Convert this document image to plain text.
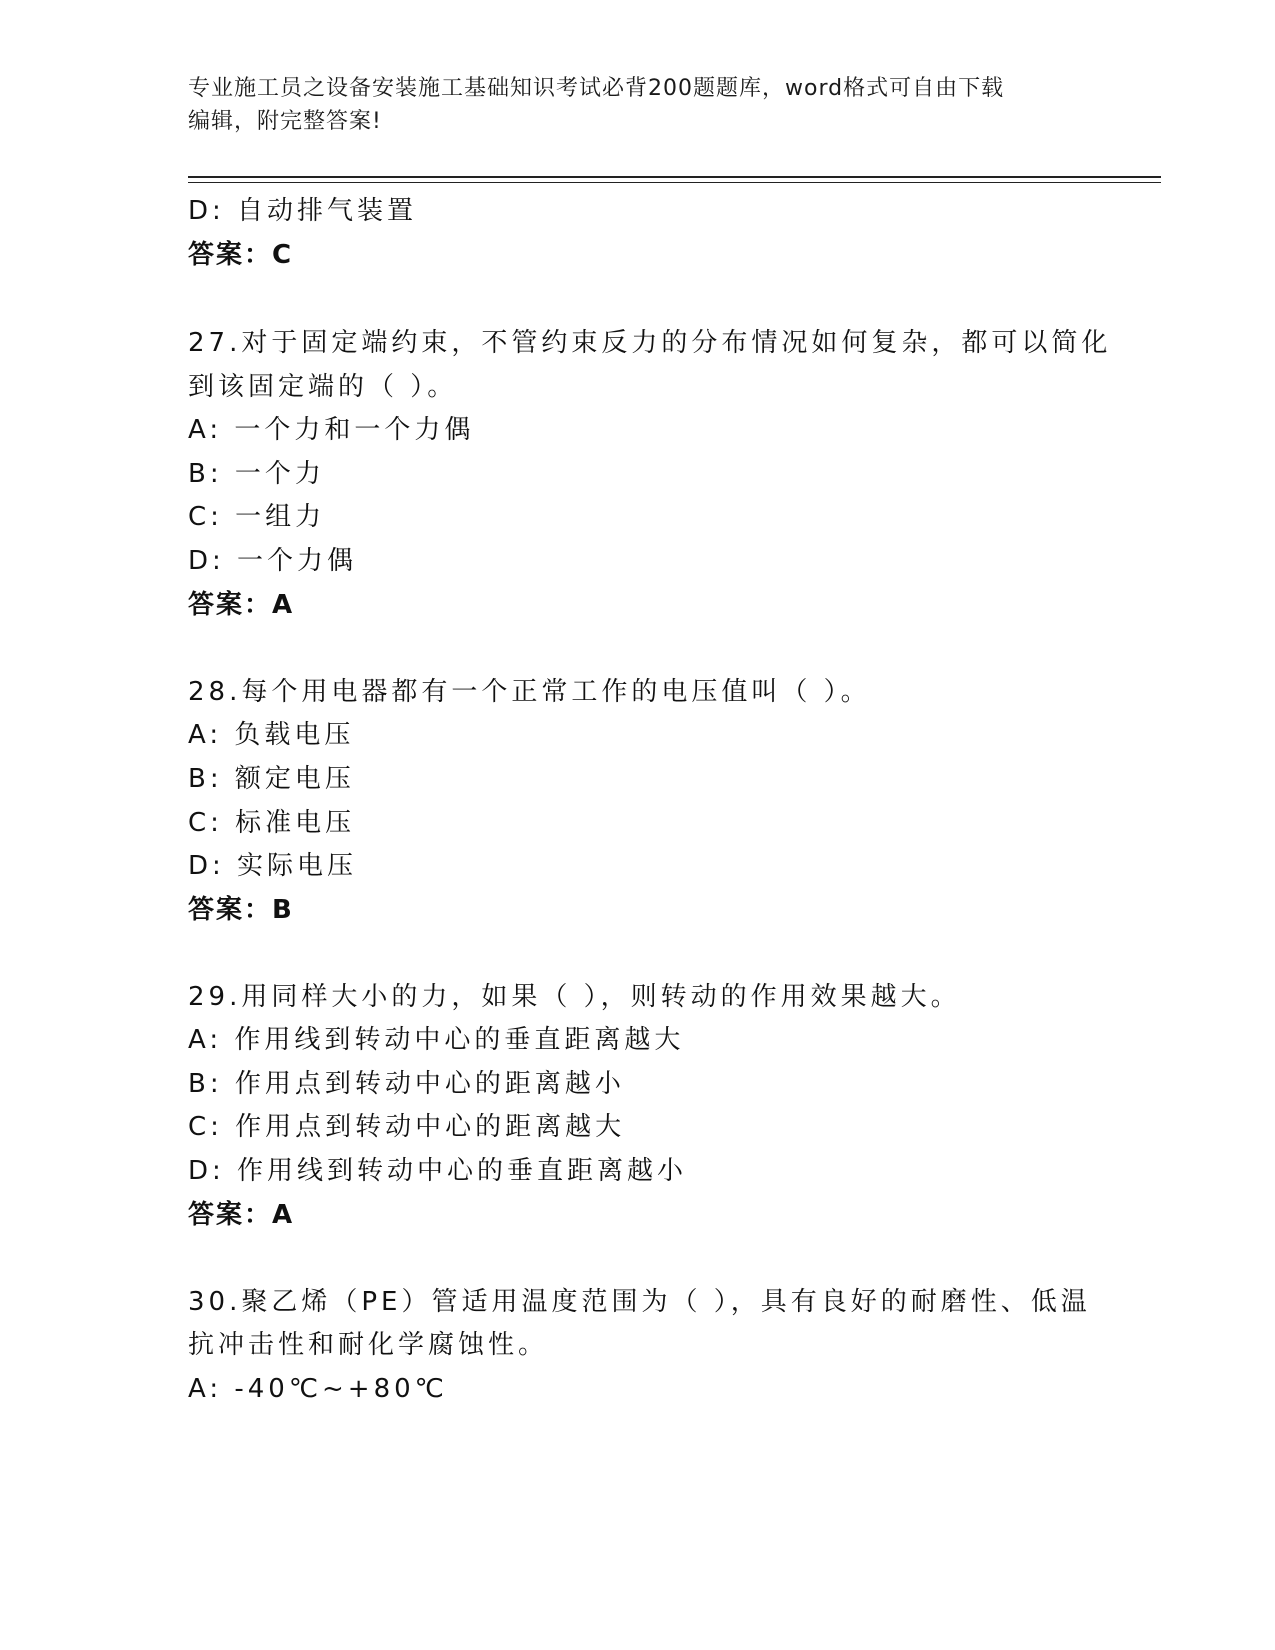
专业施工员之设备安装施工基础知识考试必背200题题库，word格式可自由下载
编辑，附完整答案!
D: 自动排气装置
答案：C
27.对于固定端约束，不管约束反力的分布情况如何复杂，都可以简化
到该固定端的（ ）。
A: 一个力和一个力偶
B: 一个力
C: 一组力
D: 一个力偶
答案：A
28.每个用电器都有一个正常工作的电压值叫（ ）。
A: 负载电压
B: 额定电压
C: 标准电压
D: 实际电压
答案：B
29.用同样大小的力，如果（ ），则转动的作用效果越大。
A: 作用线到转动中心的垂直距离越大
B: 作用点到转动中心的距离越小
C: 作用点到转动中心的距离越大
D: 作用线到转动中心的垂直距离越小
答案：A
30.聚乙烯（PE）管适用温度范围为（ ），具有良好的耐磨性、低温
抗冲击性和耐化学腐蚀性。
A: -40℃~+80℃
